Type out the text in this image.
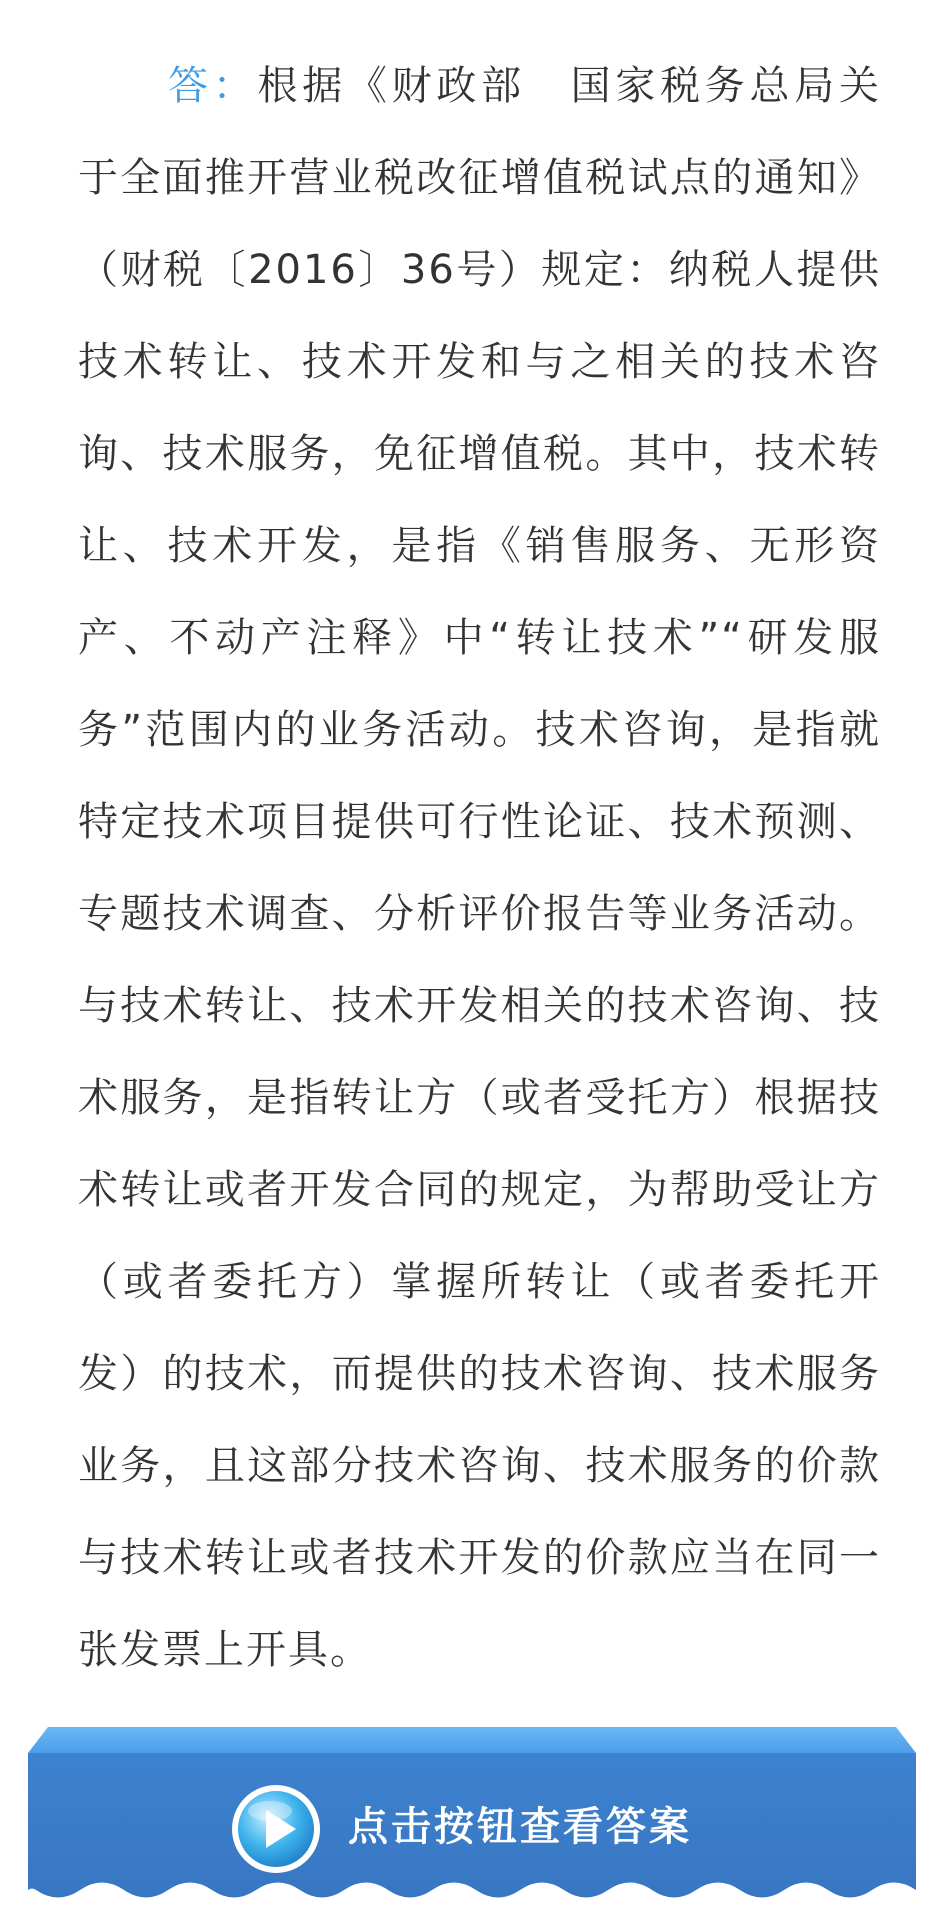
答：根据《财政部　国家税务总局关于全面推开营业税改征增值税试点的通知》（财税〔2016〕36号）规定：纳税人提供技术转让、技术开发和与之相关的技术咨询、技术服务，免征增值税。其中，技术转让、技术开发，是指《销售服务、无形资产、不动产注释》中“转让技术”“研发服务”范围内的业务活动。技术咨询，是指就特定技术项目提供可行性论证、技术预测、专题技术调查、分析评价报告等业务活动。与技术转让、技术开发相关的技术咨询、技术服务，是指转让方（或者受托方）根据技术转让或者开发合同的规定，为帮助受让方（或者委托方）掌握所转让（或者委托开发）的技术，而提供的技术咨询、技术服务业务，且这部分技术咨询、技术服务的价款与技术转让或者技术开发的价款应当在同一张发票上开具。

点击按钮查看答案
